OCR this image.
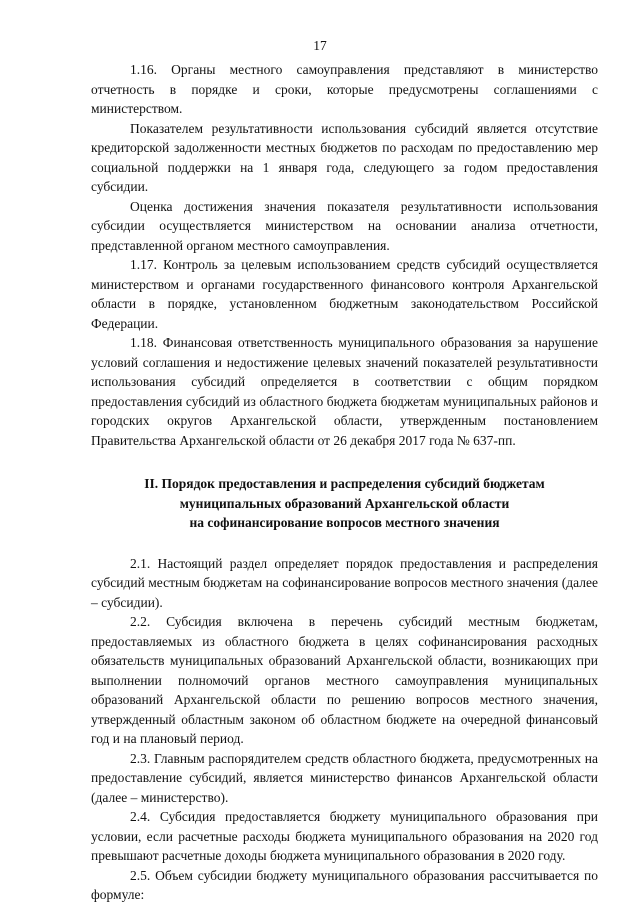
17

1.16. Органы местного самоуправления представляют в министерство отчетность в порядке и сроки, которые предусмотрены соглашениями с министерством.

Показателем результативности использования субсидий является отсутствие кредиторской задолженности местных бюджетов по расходам по предоставлению мер социальной поддержки на 1 января года, следующего за годом предоставления субсидии.

Оценка достижения значения показателя результативности использования субсидии осуществляется министерством на основании анализа отчетности, представленной органом местного самоуправления.

1.17. Контроль за целевым использованием средств субсидий осуществляется министерством и органами государственного финансового контроля Архангельской области в порядке, установленном бюджетным законодательством Российской Федерации.

1.18. Финансовая ответственность муниципального образования за нарушение условий соглашения и недостижение целевых значений показателей результативности использования субсидий определяется в соответствии с общим порядком предоставления субсидий из областного бюджета бюджетам муниципальных районов и городских округов Архангельской области, утвержденным постановлением Правительства Архангельской области от 26 декабря 2017 года № 637-пп.

II. Порядок предоставления и распределения субсидий бюджетам
муниципальных образований Архангельской области
на софинансирование вопросов местного значения

2.1. Настоящий раздел определяет порядок предоставления и распределения субсидий местным бюджетам на софинансирование вопросов местного значения (далее – субсидии).

2.2. Субсидия включена в перечень субсидий местным бюджетам, предоставляемых из областного бюджета в целях софинансирования расходных обязательств муниципальных образований Архангельской области, возникающих при выполнении полномочий органов местного самоуправления муниципальных образований Архангельской области по решению вопросов местного значения, утвержденный областным законом об областном бюджете на очередной финансовый год и на плановый период.

2.3. Главным распорядителем средств областного бюджета, предусмотренных на предоставление субсидий, является министерство финансов Архангельской области (далее – министерство).

2.4. Субсидия предоставляется бюджету муниципального образования при условии, если расчетные расходы бюджета муниципального образования на 2020 год превышают расчетные доходы бюджета муниципального образования в 2020 году.

2.5. Объем субсидии бюджету муниципального образования рассчитывается по формуле:
